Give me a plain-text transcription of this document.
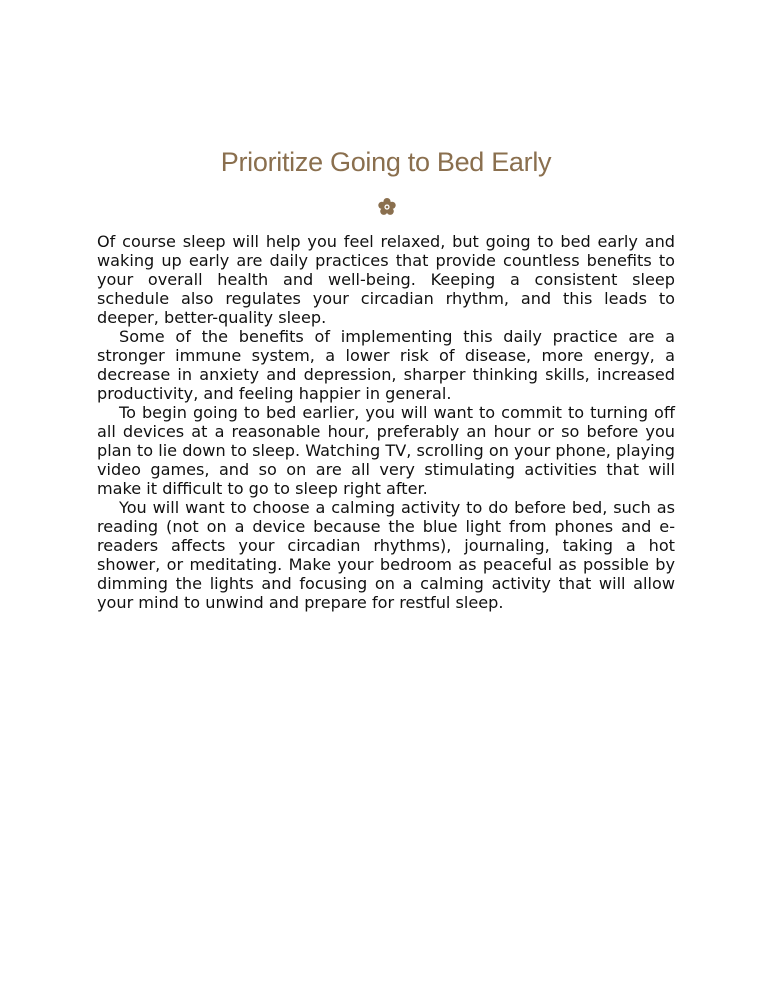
Prioritize Going to Bed Early

Of course sleep will help you feel relaxed, but going to bed early and waking up early are daily practices that provide countless benefits to your overall health and well-being. Keeping a consistent sleep schedule also regulates your circadian rhythm, and this leads to deeper, better-quality sleep.

Some of the benefits of implementing this daily practice are a stronger immune system, a lower risk of disease, more energy, a decrease in anxiety and depression, sharper thinking skills, increased productivity, and feeling happier in general.

To begin going to bed earlier, you will want to commit to turning off all devices at a reasonable hour, preferably an hour or so before you plan to lie down to sleep. Watching TV, scrolling on your phone, playing video games, and so on are all very stimulating activities that will make it difficult to go to sleep right after.

You will want to choose a calming activity to do before bed, such as reading (not on a device because the blue light from phones and e-readers affects your circadian rhythms), journaling, taking a hot shower, or meditating. Make your bedroom as peaceful as possible by dimming the lights and focusing on a calming activity that will allow your mind to unwind and prepare for restful sleep.
